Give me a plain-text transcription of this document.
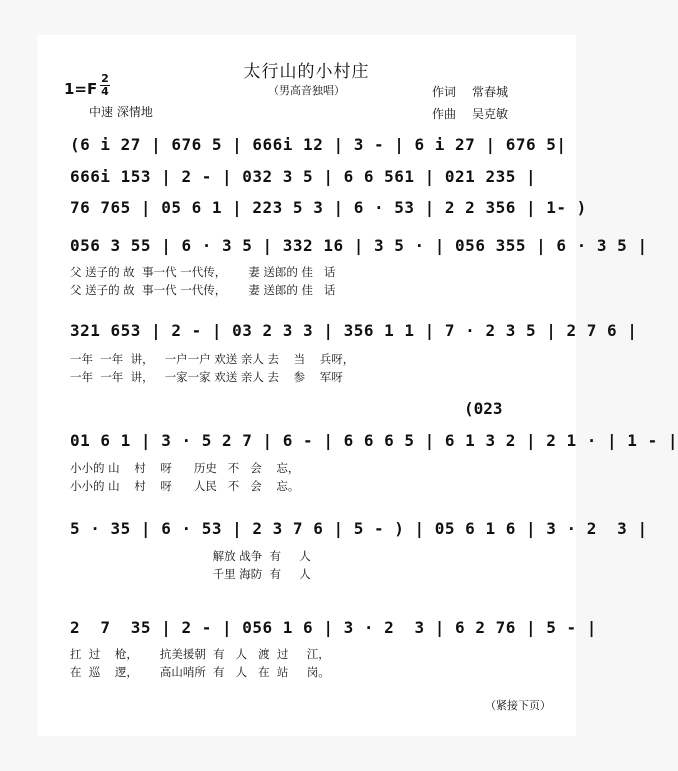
太行山的小村庄
（男高音独唱）
1=F
2
4
中速 深情地
作词 常春城
作曲 吴克敏
(6 i 27 | 676 5 | 666i 12 | 3 - | 6 i 27 | 676 5|
666i 153 | 2 - | 032 3 5 | 6 6 561 | 021 235 |
76 765 | 05 6 1 | 223 5 3 | 6 · 53 | 2 2 356 | 1- )
056 3 55 | 6 · 3 5 | 332 16 | 3 5 · | 056 355 | 6 · 3 5 |
父 送子的 故  事一代 一代传，      妻 送郎的 佳   话
父 送子的 故  事一代 一代传，      妻 送郎的 佳   话
321 653 | 2 - | 03 2 3 3 | 356 1 1 | 7 · 2 3 5 | 2 7 6 |
一年  一年  讲，   一户一户 欢送 亲人 去    当    兵呀，
一年  一年  讲，   一家一家 欢送 亲人 去    参    军呀
(023
01 6 1 | 3 · 5 2 7 | 6 - | 6 6 6 5 | 6 1 3 2 | 2 1 · | 1 - |
小小的 山    村    呀      历史   不   会    忘，
小小的 山    村    呀      人民   不   会    忘。
5 · 35 | 6 · 53 | 2 3 7 6 | 5 - ) | 05 6 1 6 | 3 · 2  3 |
解放 战争  有     人
千里 海防  有     人
2  7  35 | 2 - | 056 1 6 | 3 · 2  3 | 6 2 76 | 5 - |
扛  过    枪，      抗美援朝  有   人   渡  过     江，
在  巡    逻，      高山哨所  有   人   在  站     岗。
（紧接下页）
